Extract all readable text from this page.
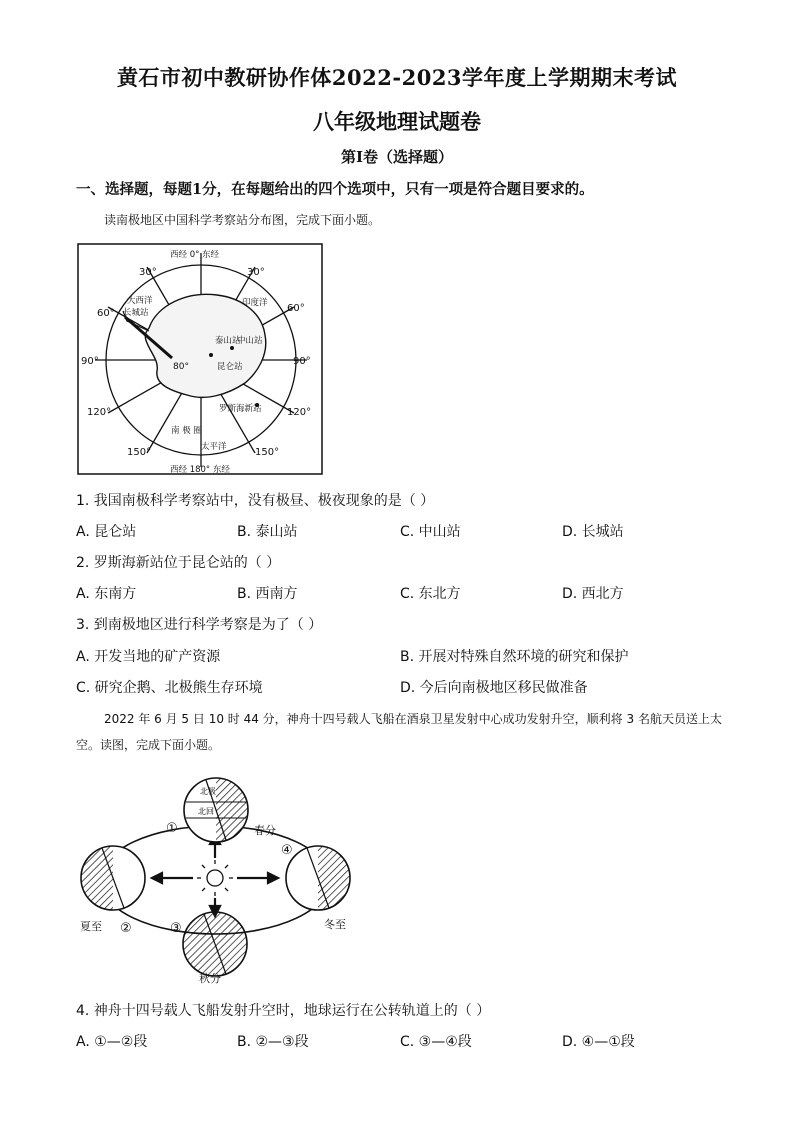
黄石市初中教研协作体2022-2023学年度上学期期末考试
八年级地理试题卷
第I卷（选择题）
一、选择题，每题1分，在每题给出的四个选项中，只有一项是符合题目要求的。
读南极地区中国科学考察站分布图，完成下面小题。
西经 0° 东经
西经 180° 东经
30°
60°
90°
120°
150°
30°
60°
90°
120°
150°
80°
大西洋
长城站
泰山站
中山站
昆仑站
罗斯海新站
印度洋
南 极 圈
太平洋
1. 我国南极科学考察站中，没有极昼、极夜现象的是（ ）
A. 昆仑站	B. 泰山站	C. 中山站	D. 长城站
2. 罗斯海新站位于昆仑站的（ ）
A. 东南方	B. 西南方	C. 东北方	D. 西北方
3. 到南极地区进行科学考察是为了（ ）
A. 开发当地的矿产资源	B. 开展对特殊自然环境的研究和保护
C. 研究企鹅、北极熊生存环境	D. 今后向南极地区移民做准备
2022 年 6 月 5 日 10 时 44 分，神舟十四号载人飞船在酒泉卫星发射中心成功发射升空，顺利将 3 名航天员送上太空。读图，完成下面小题。
北极
北回
春分
夏至
秋分
冬至
①
②	③
④
4. 神舟十四号载人飞船发射升空时，地球运行在公转轨道上的（ ）
A. ①—②段	B. ②—③段	C. ③—④段	D. ④—①段
